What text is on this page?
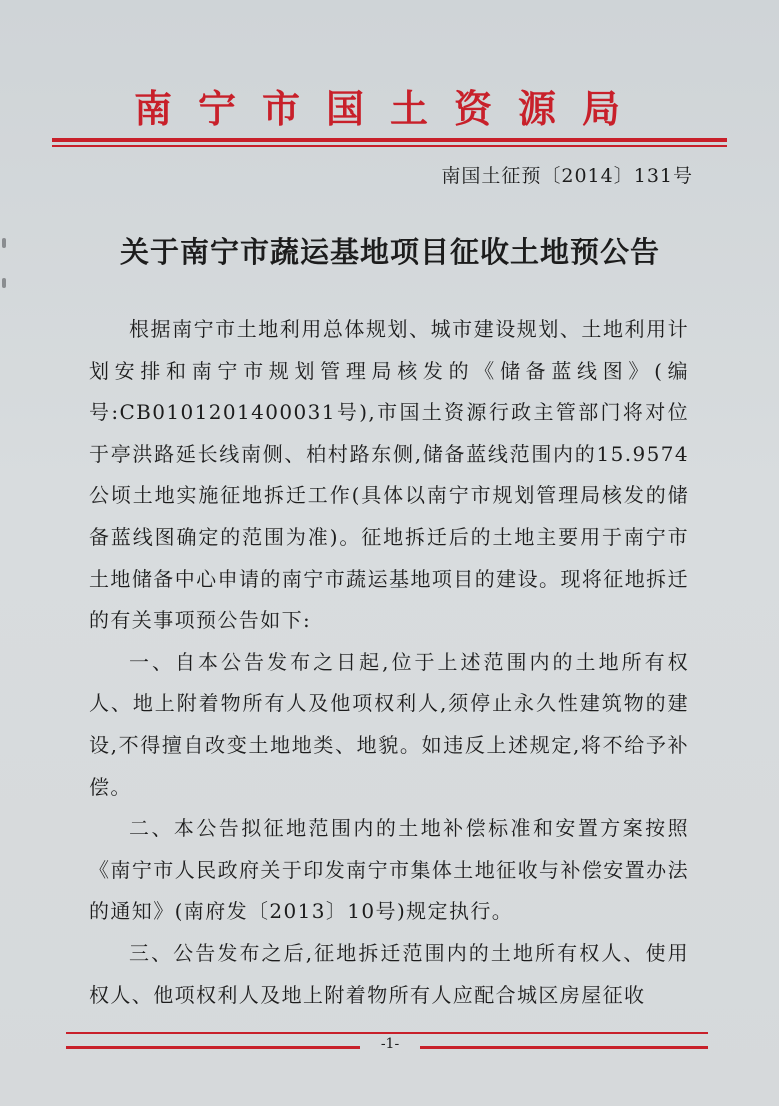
南宁市国土资源局
南国土征预〔2014〕131号
关于南宁市蔬运基地项目征收土地预公告

根据南宁市土地利用总体规划、城市建设规划、土地利用计划安排和南宁市规划管理局核发的《储备蓝线图》(编号:CB0101201400031号),市国土资源行政主管部门将对位于亭洪路延长线南侧、柏村路东侧,储备蓝线范围内的15.9574公顷土地实施征地拆迁工作(具体以南宁市规划管理局核发的储备蓝线图确定的范围为准)。征地拆迁后的土地主要用于南宁市土地储备中心申请的南宁市蔬运基地项目的建设。现将征地拆迁的有关事项预公告如下:

一、自本公告发布之日起,位于上述范围内的土地所有权人、地上附着物所有人及他项权利人,须停止永久性建筑物的建设,不得擅自改变土地地类、地貌。如违反上述规定,将不给予补偿。

二、本公告拟征地范围内的土地补偿标准和安置方案按照《南宁市人民政府关于印发南宁市集体土地征收与补偿安置办法的通知》(南府发〔2013〕10号)规定执行。

三、公告发布之后,征地拆迁范围内的土地所有权人、使用权人、他项权利人及地上附着物所有人应配合城区房屋征收

-1-
